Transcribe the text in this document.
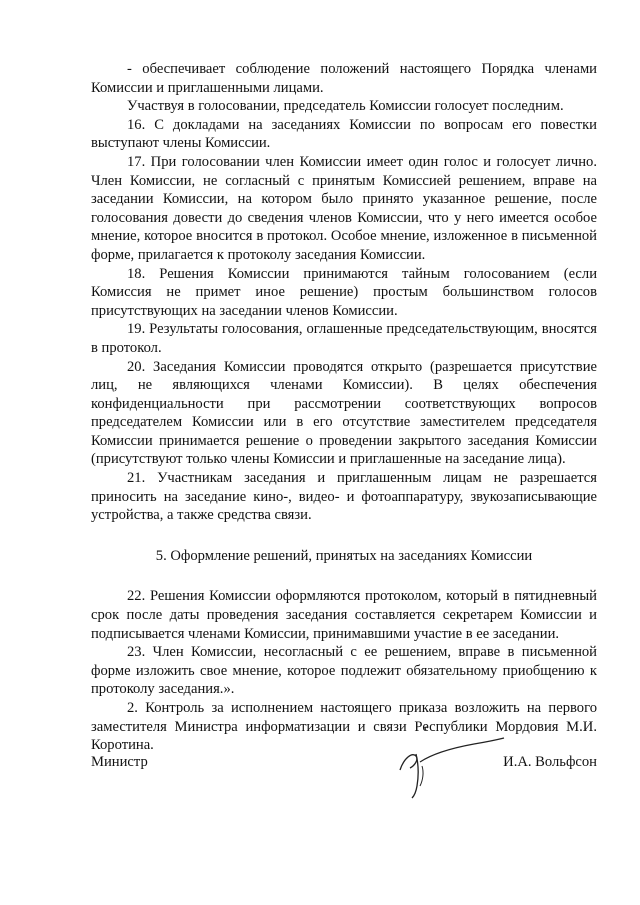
- обеспечивает соблюдение положений настоящего Порядка членами Комиссии и приглашенными лицами.

Участвуя в голосовании, председатель Комиссии голосует последним.

16. С докладами на заседаниях Комиссии по вопросам его повестки выступают члены Комиссии.

17. При голосовании член Комиссии имеет один голос и голосует лично. Член Комиссии, не согласный с принятым Комиссией решением, вправе на заседании Комиссии, на котором было принято указанное решение, после голосования довести до сведения членов Комиссии, что у него имеется особое мнение, которое вносится в протокол. Особое мнение, изложенное в письменной форме, прилагается к протоколу заседания Комиссии.

18. Решения Комиссии принимаются тайным голосованием (если Комиссия не примет иное решение) простым большинством голосов присутствующих на заседании членов Комиссии.

19. Результаты голосования, оглашенные председательствующим, вносятся в протокол.

20. Заседания Комиссии проводятся открыто (разрешается присутствие лиц, не являющихся членами Комиссии). В целях обеспечения конфиденциальности при рассмотрении соответствующих вопросов председателем Комиссии или в его отсутствие заместителем председателя Комиссии принимается решение о проведении закрытого заседания Комиссии (присутствуют только члены Комиссии и приглашенные на заседание лица).

21. Участникам заседания и приглашенным лицам не разрешается приносить на заседание кино-, видео- и фотоаппаратуру, звукозаписывающие устройства, а также средства связи.

5. Оформление решений, принятых на заседаниях Комиссии

22. Решения Комиссии оформляются протоколом, который в пятидневный срок после даты проведения заседания составляется секретарем Комиссии и подписывается членами Комиссии, принимавшими участие в ее заседании.

23. Член Комиссии, несогласный с ее решением, вправе в письменной форме изложить свое мнение, которое подлежит обязательному приобщению к протоколу заседания.».

2. Контроль за исполнением настоящего приказа возложить на первого заместителя Министра информатизации и связи Республики Мордовия М.И. Коротина.

Министр	И.А. Вольфсон
